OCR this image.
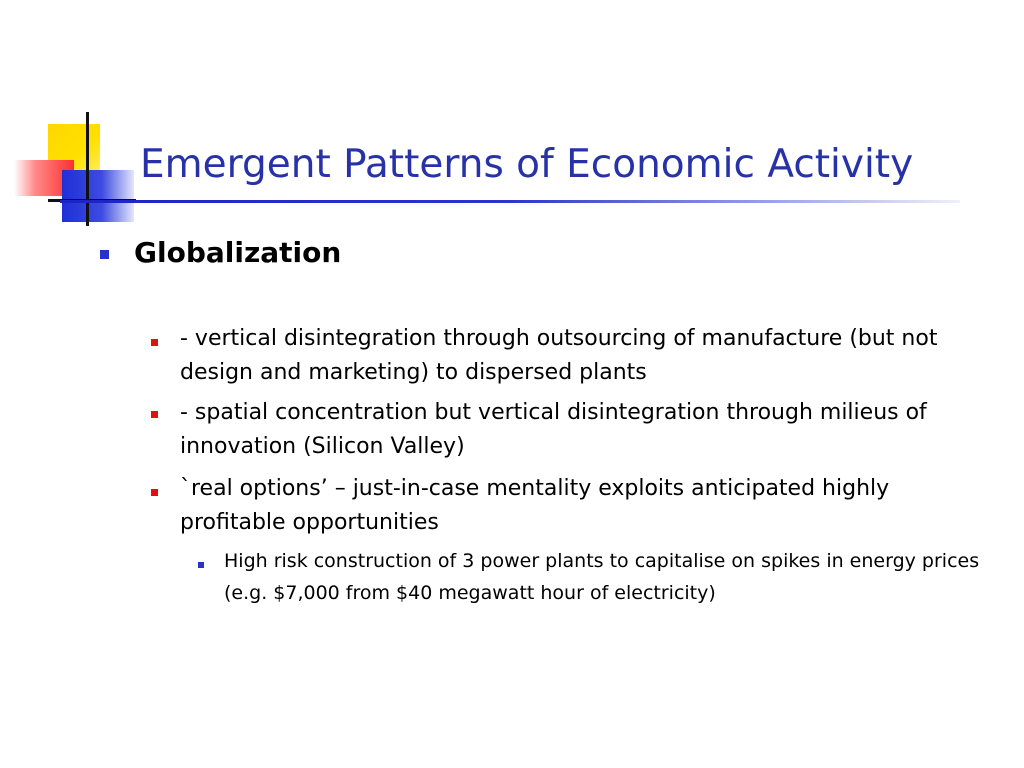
Emergent Patterns of Economic Activity
Globalization
- vertical disintegration through outsourcing of manufacture (but not design and marketing) to dispersed plants
- spatial concentration but vertical disintegration through milieus of innovation (Silicon Valley)
`real options’ – just-in-case mentality exploits anticipated highly profitable opportunities
High risk construction of 3 power plants to capitalise on spikes in energy prices (e.g. $7,000 from $40 megawatt hour of electricity)
